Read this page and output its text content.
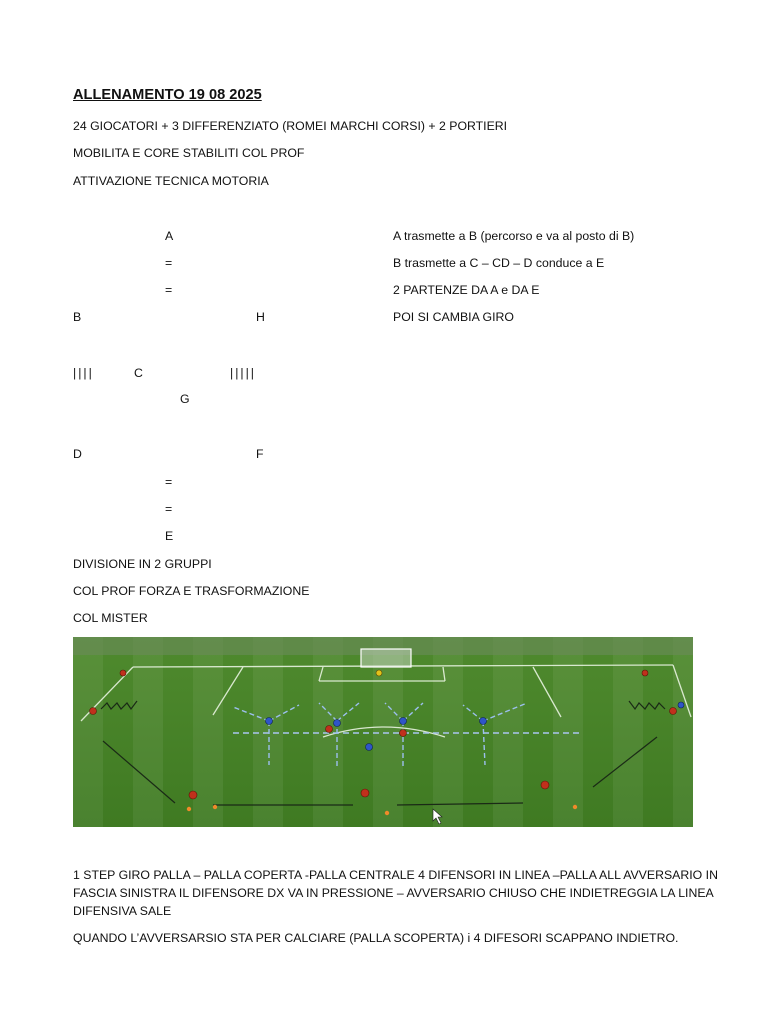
ALLENAMENTO 19 08 2025
24 GIOCATORI + 3 DIFFERENZIATO (ROMEI MARCHI CORSI) + 2 PORTIERI
MOBILITA E CORE STABILITI COL PROF
ATTIVAZIONE TECNICA MOTORIA
A
=
=
B	H
||||	C	|||||
G
D	F
=
=
E
A trasmette a B (percorso e va al posto di B)
B trasmette a C – CD – D conduce a E
2 PARTENZE DA A e DA E
POI SI CAMBIA GIRO
DIVISIONE IN 2 GRUPPI
COL PROF FORZA E TRASFORMAZIONE
COL MISTER
1 STEP GIRO PALLA – PALLA COPERTA -PALLA CENTRALE 4 DIFENSORI IN LINEA –PALLA ALL AVVERSARIO IN FASCIA SINISTRA IL DIFENSORE DX VA IN PRESSIONE – AVVERSARIO CHIUSO CHE INDIETREGGIA LA LINEA DIFENSIVA SALE
QUANDO L’AVVERSARSIO STA PER CALCIARE (PALLA SCOPERTA) i 4 DIFESORI SCAPPANO INDIETRO.
